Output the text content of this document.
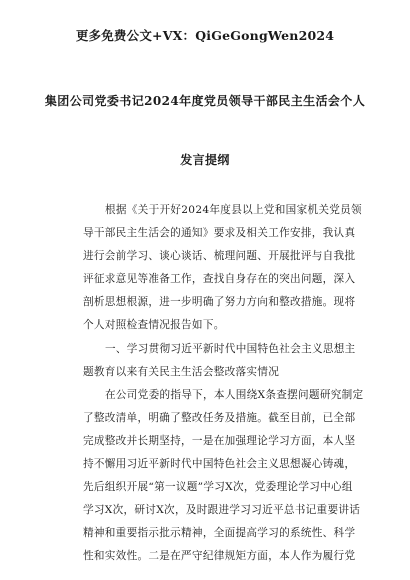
更多免费公文+VX：QiGeGongWen2024
集团公司党委书记2024年度党员领导干部民主生活会个人
发言提纲
根据《关于开好2024年度县以上党和国家机关党员领
导干部民主生活会的通知》要求及相关工作安排，我认真
进行会前学习、谈心谈话、梳理问题、开展批评与自我批
评征求意见等准备工作，查找自身存在的突出问题，深入
剖析思想根源，进一步明确了努力方向和整改措施。现将
个人对照检查情况报告如下。
一、学习贯彻习近平新时代中国特色社会主义思想主
题教育以来有关民主生活会整改落实情况
在公司党委的指导下，本人围绕X条查摆问题研究制定
了整改清单，明确了整改任务及措施。截至目前，已全部
完成整改并长期坚持，一是在加强理论学习方面，本人坚
持不懈用习近平新时代中国特色社会主义思想凝心铸魂，
先后组织开展“第一议题”学习X次，党委理论学习中心组
学习X次，研讨X次，及时跟进学习习近平总书记重要讲话
精神和重要指示批示精神，全面提高学习的系统性、科学
性和实效性。二是在严守纪律规矩方面，本人作为履行党
